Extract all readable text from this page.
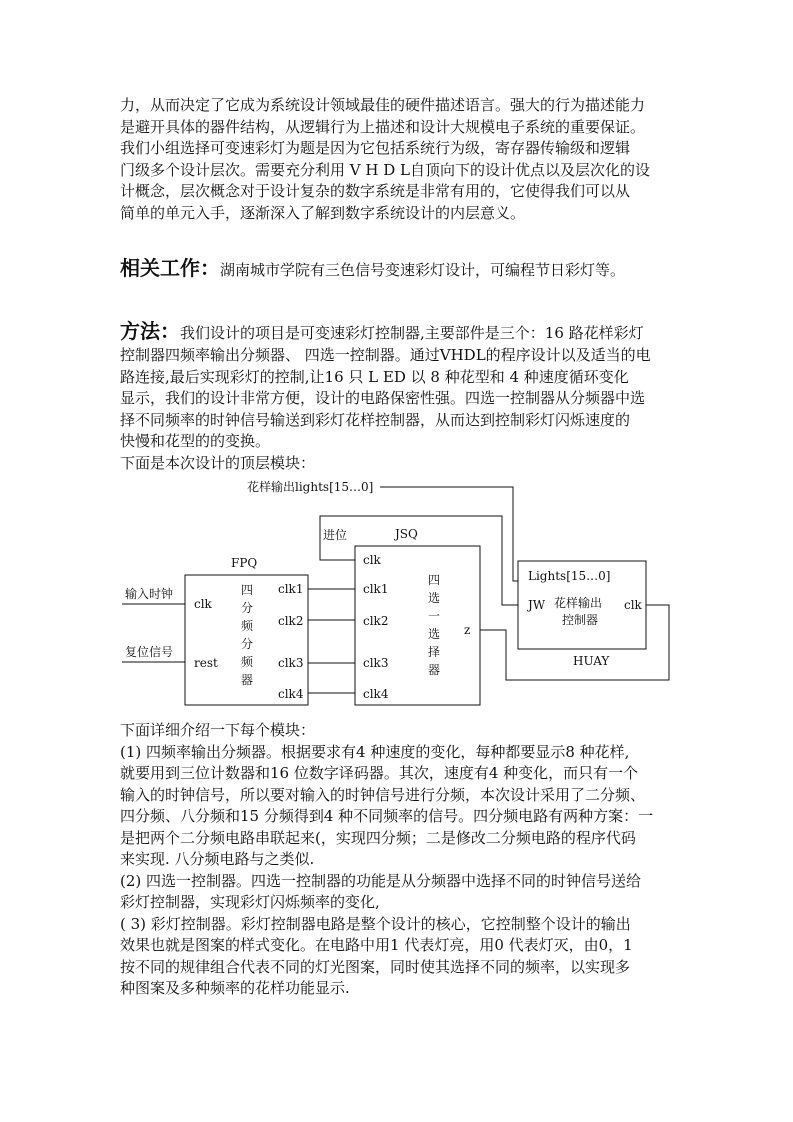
力，从而决定了它成为系统设计领域最佳的硬件描述语言。强大的行为描述能力
是避开具体的器件结构，从逻辑行为上描述和设计大规模电子系统的重要保证。
我们小组选择可变速彩灯为题是因为它包括系统行为级，寄存器传输级和逻辑
门级多个设计层次。需要充分利用 V H D L自顶向下的设计优点以及层次化的设
计概念，层次概念对于设计复杂的数字系统是非常有用的，它使得我们可以从
简单的单元入手，逐渐深入了解到数字系统设计的内层意义。
相关工作：湖南城市学院有三色信号变速彩灯设计，可编程节日彩灯等。
方法：我们设计的项目是可变速彩灯控制器,主要部件是三个：16 路花样彩灯
控制器四频率输出分频器、 四选一控制器。通过VHDL的程序设计以及适当的电
路连接,最后实现彩灯的控制,让16 只 L ED 以 8 种花型和 4 种速度循环变化
显示，我们的设计非常方便，设计的电路保密性强。四选一控制器从分频器中选
择不同频率的时钟信号输送到彩灯花样控制器，从而达到控制彩灯闪烁速度的
快慢和花型的的变换。
下面是本次设计的顶层模块：
花样输出lights[15…0]
进位	JSQ
FPQ
输入时钟
复位信号
clk
rest
四
分
频
分
频
器
clk1
clk2
clk3
clk4
clk
clk1
clk2
clk3
clk4
四
选
一
选
择
器
z
Lights[15…0]
JW 花样输出
控制器
clk
HUAY
下面详细介绍一下每个模块：
(1) 四频率输出分频器。根据要求有4 种速度的变化，每种都要显示8 种花样,
就要用到三位计数器和16 位数字译码器。其次，速度有4 种变化，而只有一个
输入的时钟信号，所以要对输入的时钟信号进行分频，本次设计采用了二分频、
四分频、八分频和15 分频得到4 种不同频率的信号。四分频电路有两种方案：一
是把两个二分频电路串联起来(，实现四分频；二是修改二分频电路的程序代码
来实现. 八分频电路与之类似.
(2) 四选一控制器。四选一控制器的功能是从分频器中选择不同的时钟信号送给
彩灯控制器，实现彩灯闪烁频率的变化,
( 3) 彩灯控制器。彩灯控制器电路是整个设计的核心，它控制整个设计的输出
效果也就是图案的样式变化。在电路中用1 代表灯亮，用0 代表灯灭，由0，1
按不同的规律组合代表不同的灯光图案，同时使其选择不同的频率，以实现多
种图案及多种频率的花样功能显示.
